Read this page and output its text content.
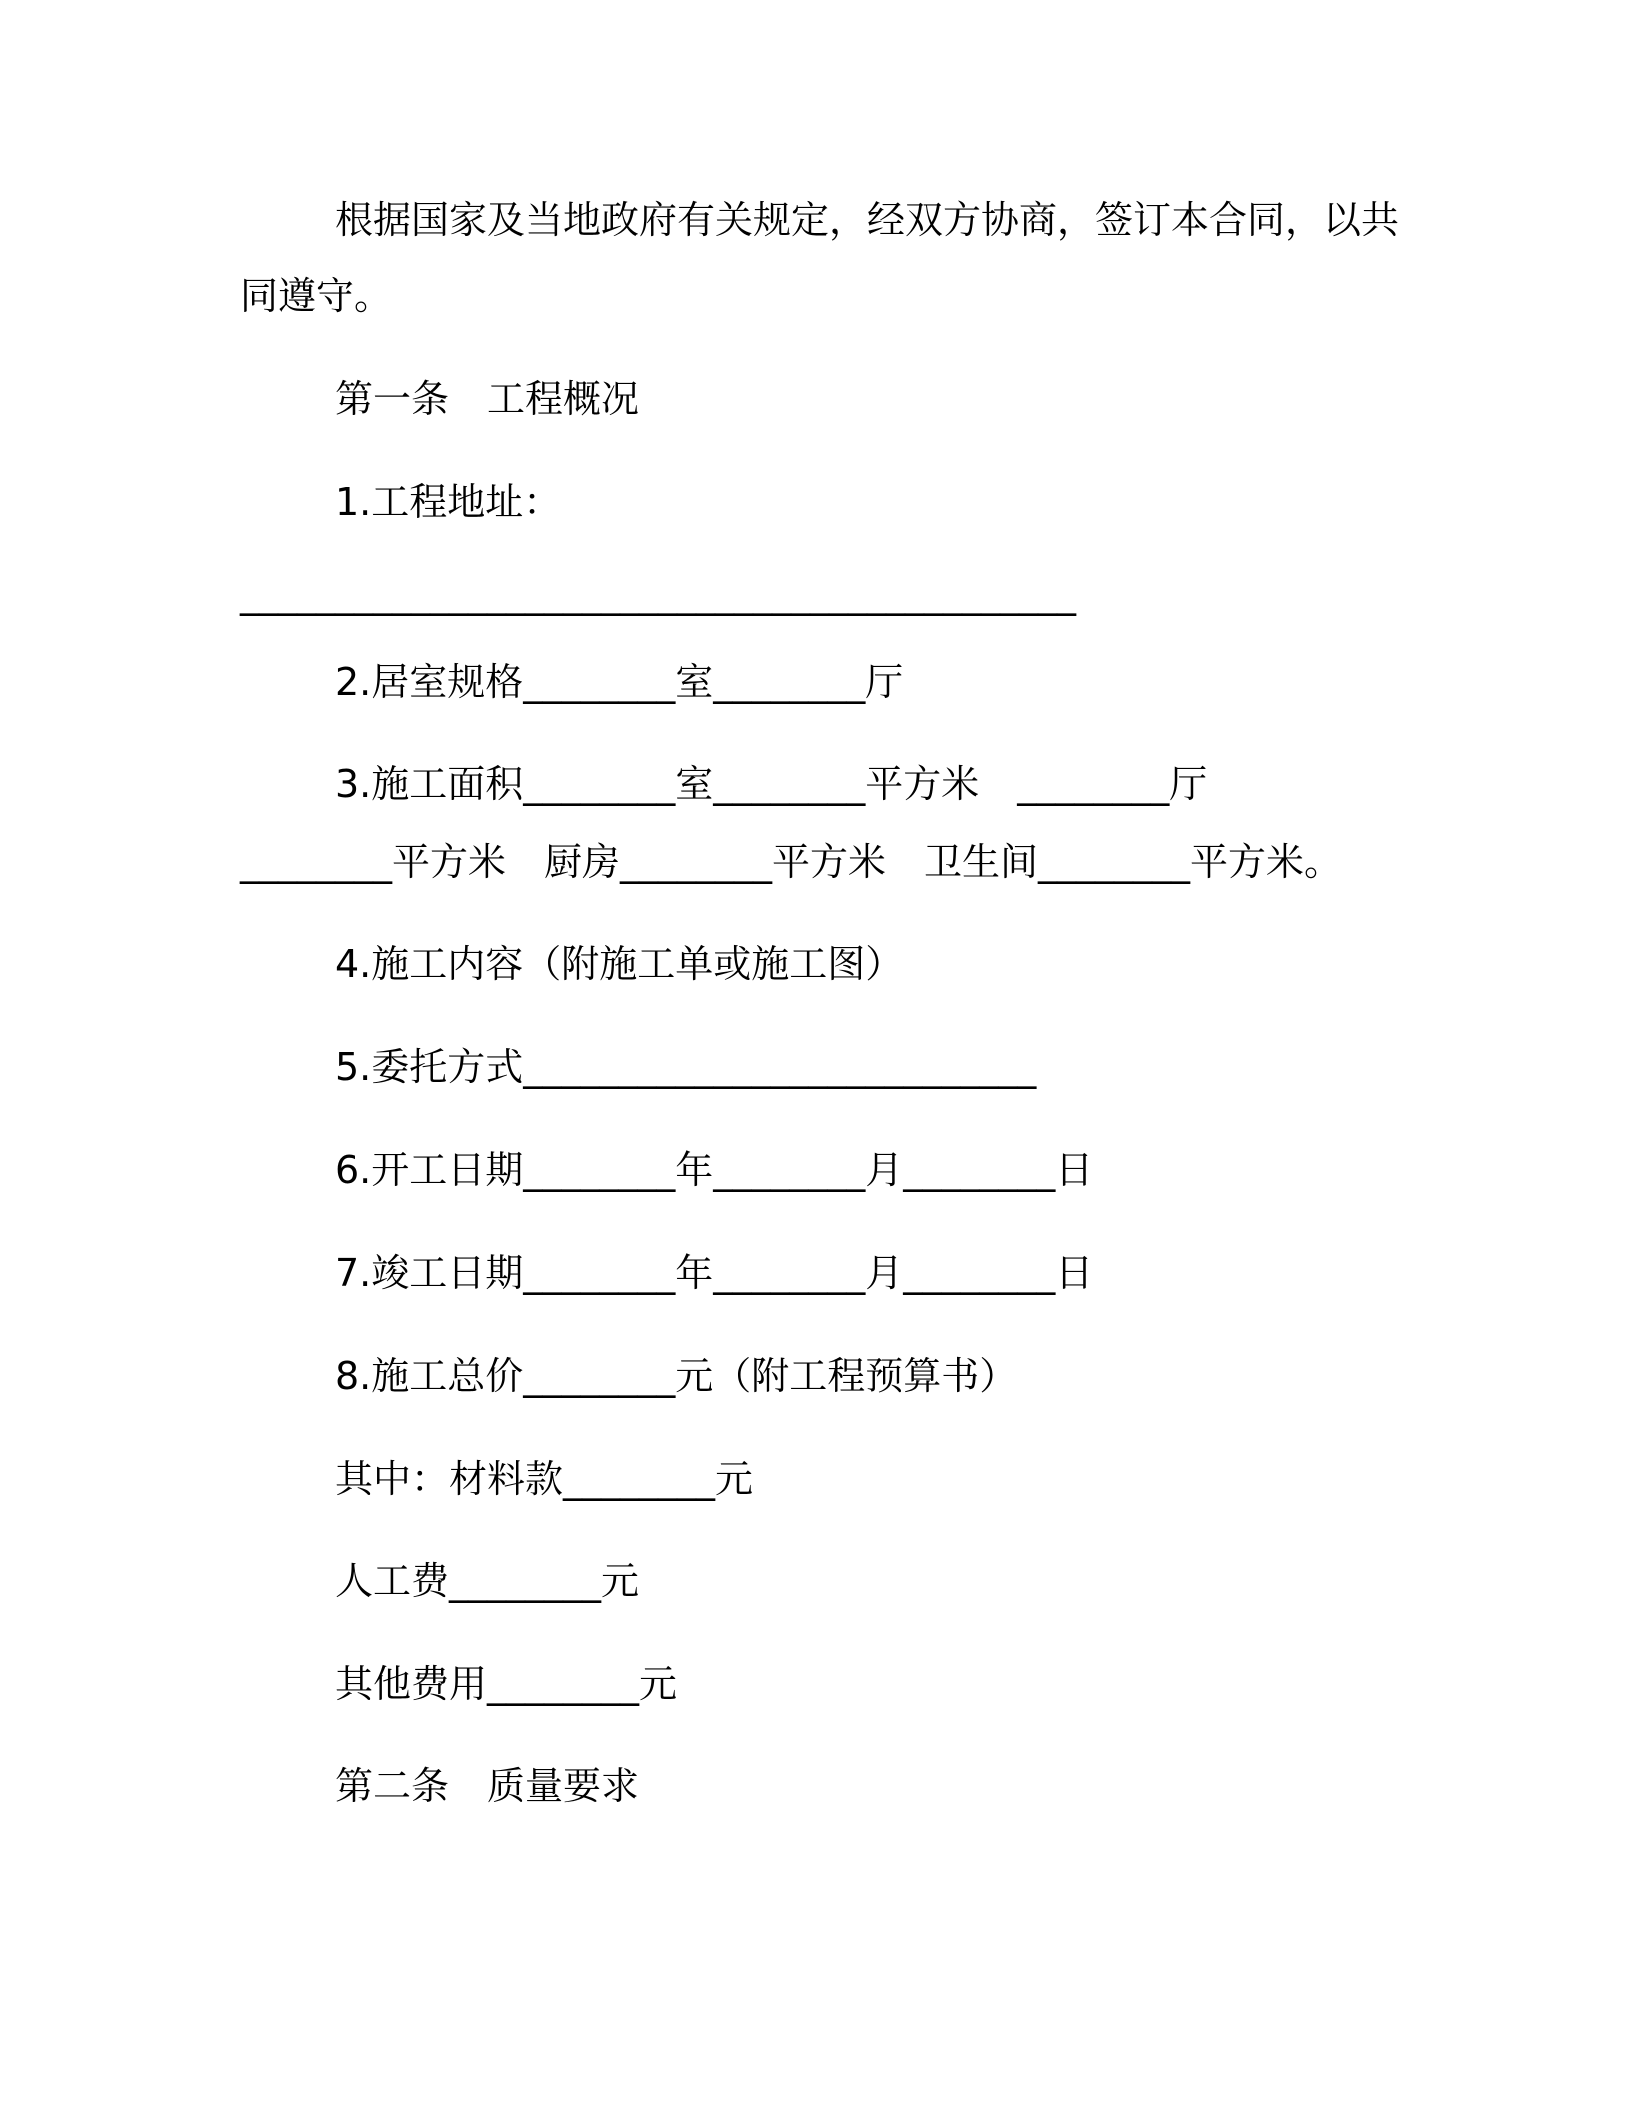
根据国家及当地政府有关规定，经双方协商，签订本合同，以共

同遵守。

第一条　工程概况

1.工程地址：

____________________________________________

2.居室规格________室________厅

3.施工面积________室________平方米　________厅

________平方米　厨房________平方米　卫生间________平方米。

4.施工内容（附施工单或施工图）

5.委托方式___________________________

6.开工日期________年________月________日

7.竣工日期________年________月________日

8.施工总价________元（附工程预算书）

其中：材料款________元

人工费________元

其他费用________元

第二条　质量要求
